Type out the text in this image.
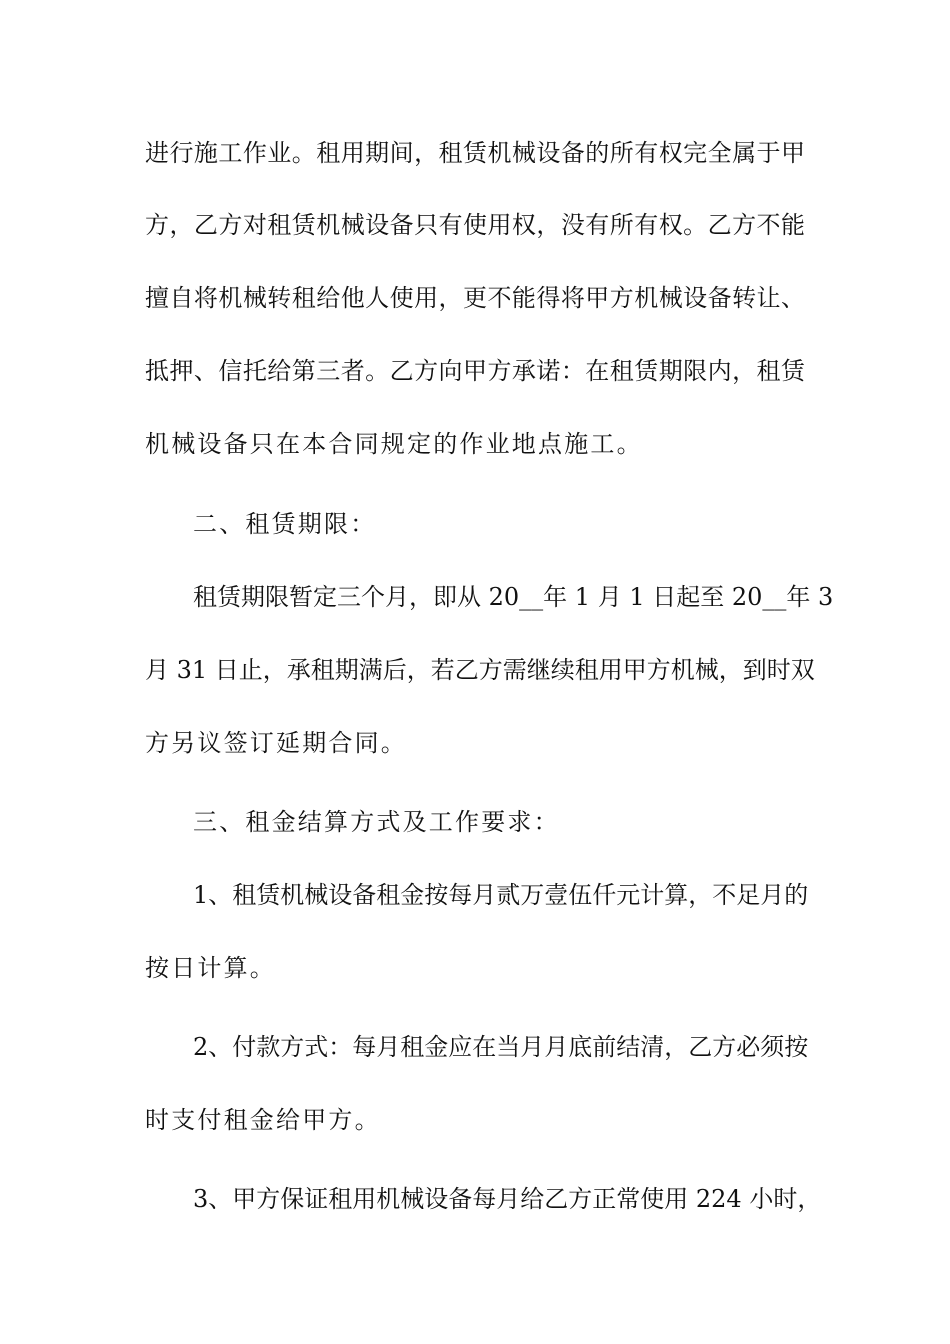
进行施工作业。租用期间，租赁机械设备的所有权完全属于甲
方，乙方对租赁机械设备只有使用权，没有所有权。乙方不能
擅自将机械转租给他人使用，更不能得将甲方机械设备转让、
抵押、信托给第三者。乙方向甲方承诺：在租赁期限内，租赁
机械设备只在本合同规定的作业地点施工。
二、租赁期限：
租赁期限暂定三个月，即从 20__年 1 月 1 日起至 20__年 3
月 31 日止，承租期满后，若乙方需继续租用甲方机械，到时双
方另议签订延期合同。
三、租金结算方式及工作要求：
1、租赁机械设备租金按每月贰万壹伍仟元计算，不足月的
按日计算。
2、付款方式：每月租金应在当月月底前结清，乙方必须按
时支付租金给甲方。
3、甲方保证租用机械设备每月给乙方正常使用 224 小时，
